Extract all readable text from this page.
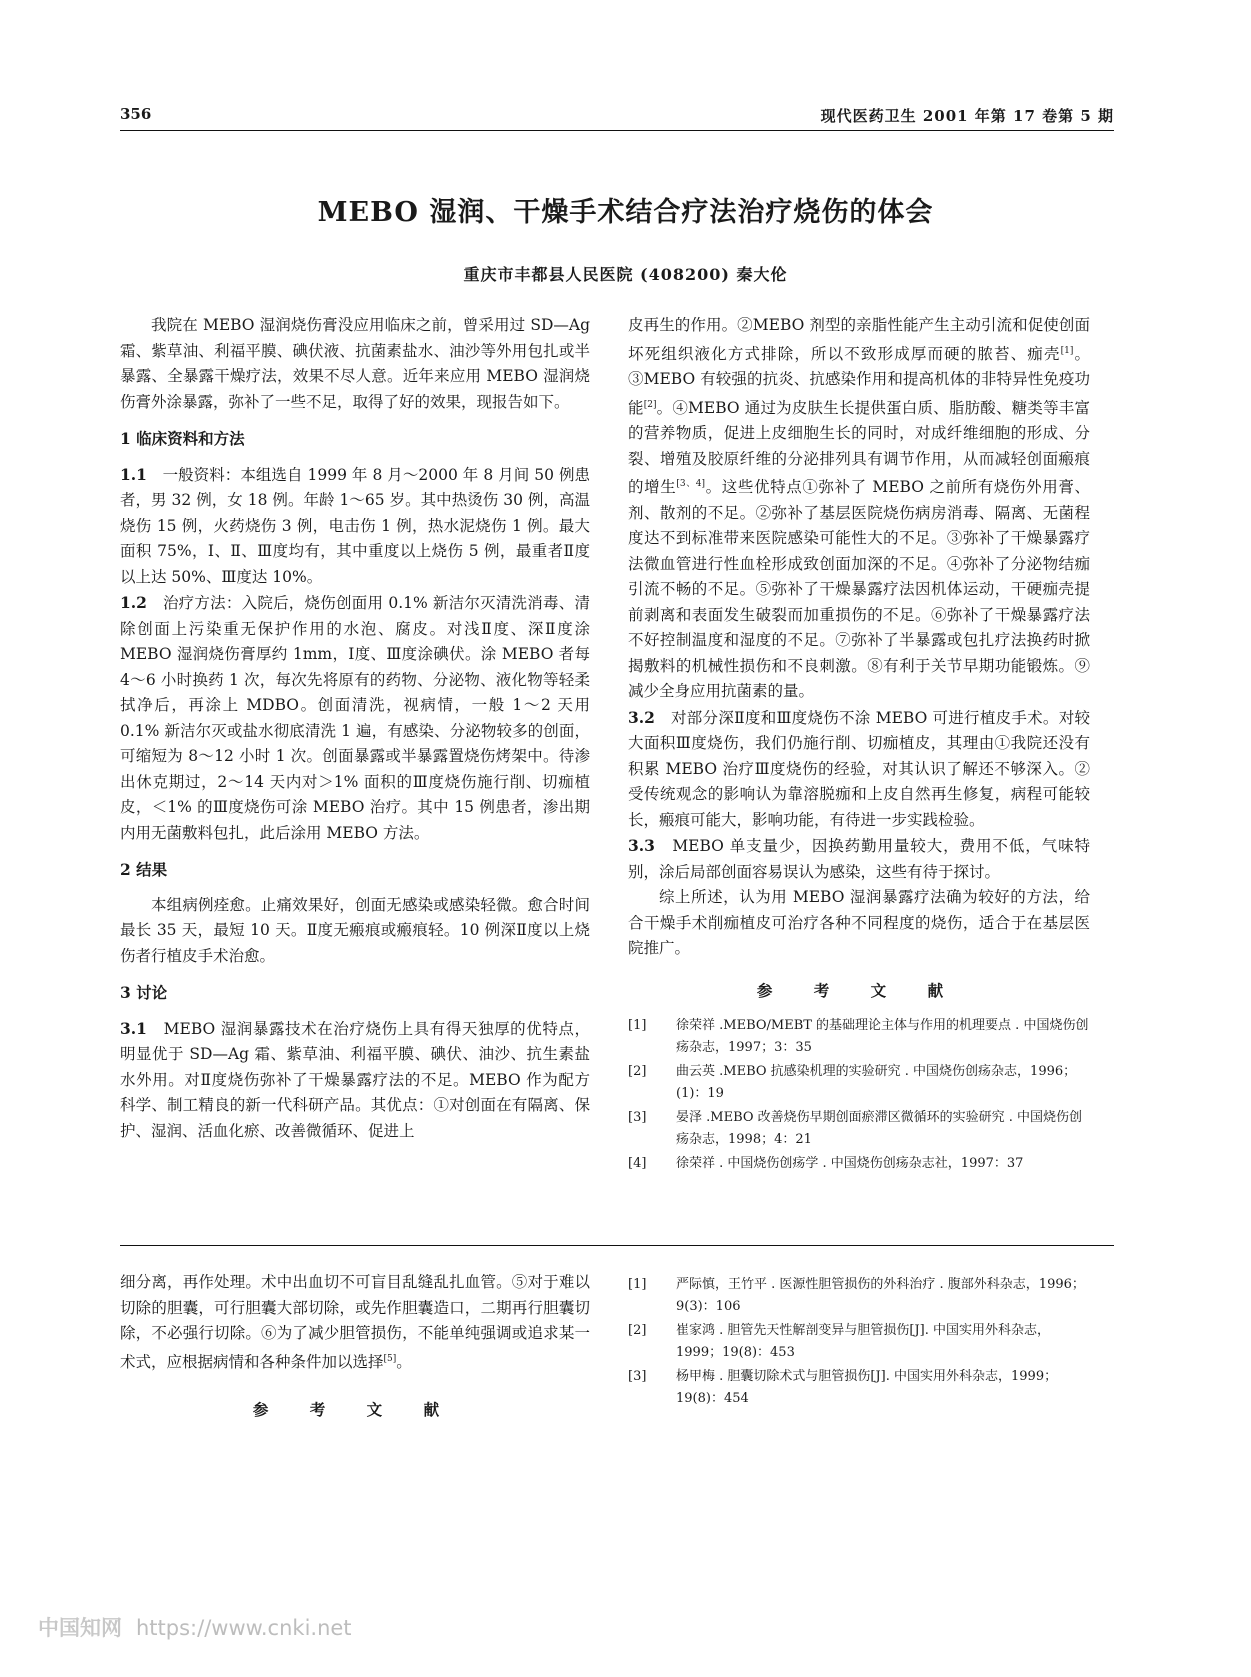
356	现代医药卫生 2001 年第 17 卷第 5 期
MEBO 湿润、干燥手术结合疗法治疗烧伤的体会
重庆市丰都县人民医院 (408200) 秦大伦

我院在 MEBO 湿润烧伤膏没应用临床之前，曾采用过 SD—Ag 霜、紫草油、利福平膜、碘伏液、抗菌素盐水、油沙等外用包扎或半暴露、全暴露干燥疗法，效果不尽人意。近年来应用 MEBO 湿润烧伤膏外涂暴露，弥补了一些不足，取得了好的效果，现报告如下。

1 临床资料和方法

1.1　 一般资料：本组选自 1999 年 8 月～2000 年 8 月间 50 例患者，男 32 例，女 18 例。年龄 1～65 岁。其中热烫伤 30 例，高温烧伤 15 例，火药烧伤 3 例，电击伤 1 例，热水泥烧伤 1 例。最大面积 75%，Ⅰ、Ⅱ、Ⅲ度均有，其中重度以上烧伤 5 例，最重者Ⅱ度以上达 50%、Ⅲ度达 10%。

1.2　 治疗方法：入院后，烧伤创面用 0.1% 新洁尔灭清洗消毒、清除创面上污染重无保护作用的水泡、腐皮。对浅Ⅱ度、深Ⅱ度涂 MEBO 湿润烧伤膏厚约 1mm，Ⅰ度、Ⅲ度涂碘伏。涂 MEBO 者每 4～6 小时换药 1 次，每次先将原有的药物、分泌物、液化物等轻柔拭净后，再涂上 MDBO。创面清洗，视病情，一般 1～2 天用 0.1% 新洁尔灭或盐水彻底清洗 1 遍，有感染、分泌物较多的创面，可缩短为 8～12 小时 1 次。创面暴露或半暴露置烧伤烤架中。待渗出休克期过，2～14 天内对＞1% 面积的Ⅲ度烧伤施行削、切痂植皮，＜1% 的Ⅲ度烧伤可涂 MEBO 治疗。其中 15 例患者，渗出期内用无菌敷料包扎，此后涂用 MEBO 方法。

2 结果

本组病例痊愈。止痛效果好，创面无感染或感染轻微。愈合时间最长 35 天，最短 10 天。Ⅱ度无瘢痕或瘢痕轻。10 例深Ⅱ度以上烧伤者行植皮手术治愈。

3 讨论

3.1　 MEBO 湿润暴露技术在治疗烧伤上具有得天独厚的优特点，明显优于 SD—Ag 霜、紫草油、利福平膜、碘伏、油沙、抗生素盐水外用。对Ⅱ度烧伤弥补了干燥暴露疗法的不足。MEBO 作为配方科学、制工精良的新一代科研产品。其优点：①对创面在有隔离、保护、湿润、活血化瘀、改善微循环、促进上

皮再生的作用。②MEBO 剂型的亲脂性能产生主动引流和促使创面坏死组织液化方式排除，所以不致形成厚而硬的脓苔、痂壳[1]。③MEBO 有较强的抗炎、抗感染作用和提高机体的非特异性免疫功能[2]。④MEBO 通过为皮肤生长提供蛋白质、脂肪酸、糖类等丰富的营养物质，促进上皮细胞生长的同时，对成纤维细胞的形成、分裂、增殖及胶原纤维的分泌排列具有调节作用，从而减轻创面瘢痕的增生[3、4]。这些优特点①弥补了 MEBO 之前所有烧伤外用膏、剂、散剂的不足。②弥补了基层医院烧伤病房消毒、隔离、无菌程度达不到标准带来医院感染可能性大的不足。③弥补了干燥暴露疗法微血管进行性血栓形成致创面加深的不足。④弥补了分泌物结痂引流不畅的不足。⑤弥补了干燥暴露疗法因机体运动，干硬痂壳提前剥离和表面发生破裂而加重损伤的不足。⑥弥补了干燥暴露疗法不好控制温度和湿度的不足。⑦弥补了半暴露或包扎疗法换药时掀揭敷料的机械性损伤和不良刺激。⑧有利于关节早期功能锻炼。⑨减少全身应用抗菌素的量。

3.2　 对部分深Ⅱ度和Ⅲ度烧伤不涂 MEBO 可进行植皮手术。对较大面积Ⅲ度烧伤，我们仍施行削、切痂植皮，其理由①我院还没有积累 MEBO 治疗Ⅲ度烧伤的经验，对其认识了解还不够深入。②受传统观念的影响认为靠溶脱痂和上皮自然再生修复，病程可能较长，瘢痕可能大，影响功能，有待进一步实践检验。

3.3　 MEBO 单支量少，因换药勤用量较大，费用不低，气味特别，涂后局部创面容易误认为感染，这些有待于探讨。

综上所述，认为用 MEBO 湿润暴露疗法确为较好的方法，给合干燥手术削痂植皮可治疗各种不同程度的烧伤，适合于在基层医院推广。

参 考 文 献

[1]	徐荣祥 .MEBO/MEBT 的基础理论主体与作用的机理要点 . 中国烧伤创疡杂志，1997；3：35

[2]	曲云英 .MEBO 抗感染机理的实验研究 . 中国烧伤创疡杂志，1996；(1)：19

[3]	晏泽 .MEBO 改善烧伤早期创面瘀滞区微循环的实验研究 . 中国烧伤创疡杂志，1998；4：21

[4]	徐荣祥 . 中国烧伤创疡学 . 中国烧伤创疡杂志社，1997：37

细分离，再作处理。术中出血切不可盲目乱缝乱扎血管。⑤对于难以切除的胆囊，可行胆囊大部切除，或先作胆囊造口，二期再行胆囊切除，不必强行切除。⑥为了减少胆管损伤，不能单纯强调或追求某一术式，应根据病情和各种条件加以选择[5]。

参 考 文 献

[1]	严际慎，王竹平 . 医源性胆管损伤的外科治疗 . 腹部外科杂志，1996；9(3)：106

[2]	崔家鸿 . 胆管先天性解剖变异与胆管损伤[J]. 中国实用外科杂志，1999；19(8)：453

[3]	杨甲梅 . 胆囊切除术式与胆管损伤[J]. 中国实用外科杂志，1999；19(8)：454

中国知网 https://www.cnki.net
